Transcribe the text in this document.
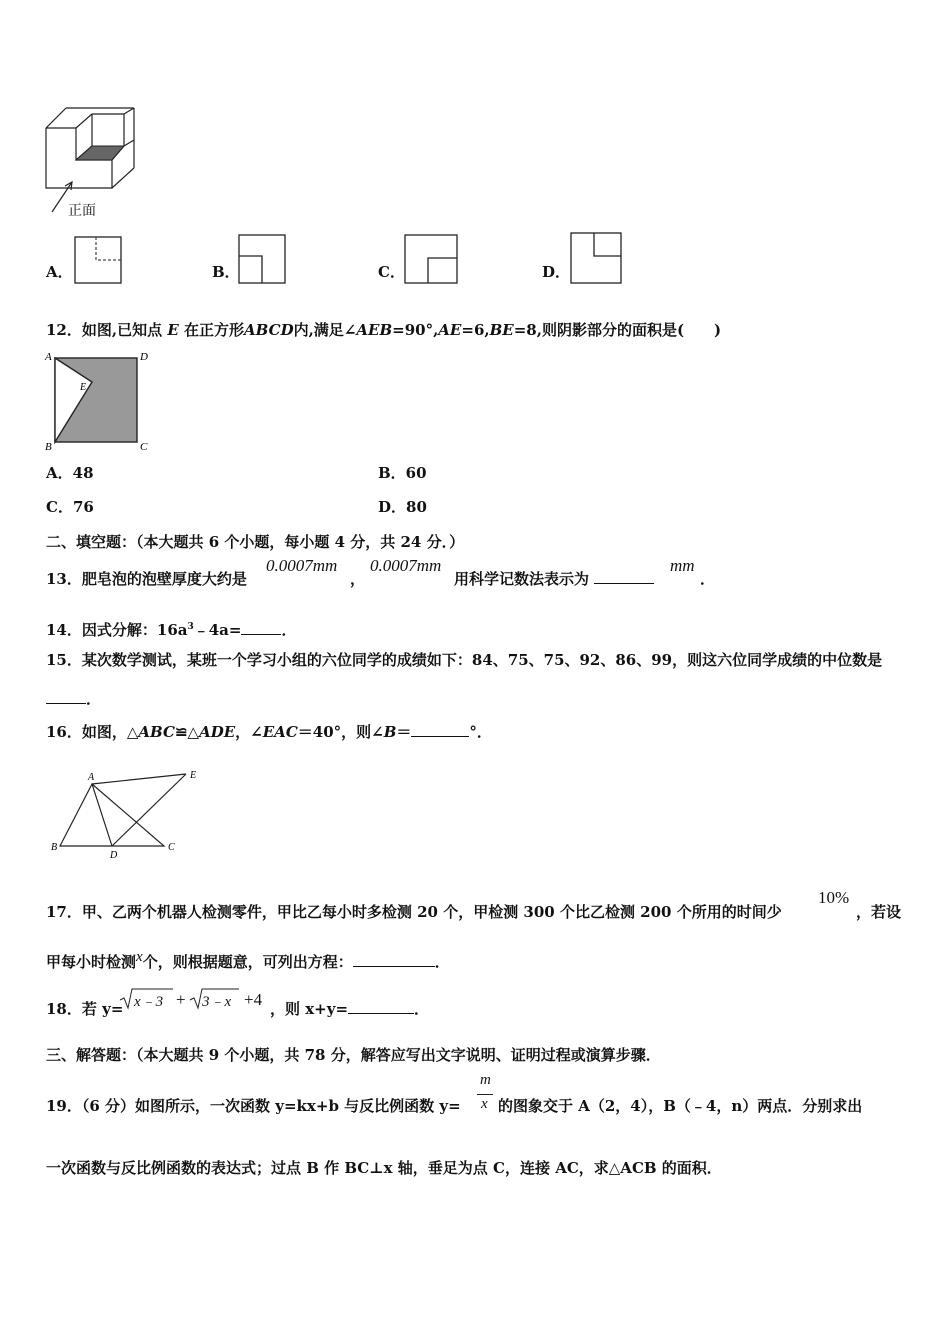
正面
A．	B．	C．	D．
12．如图,已知点 E 在正方形ABCD内,满足∠AEB=90°,AE=6,BE=8,则阴影部分的面积是(　　)
A	D
E
B	C
A．48	B．60
C．76	D．80
二、填空题：（本大题共 6 个小题，每小题 4 分，共 24 分．）
13．肥皂泡的泡壁厚度大约是
0.0007mm
，
0.0007mm
用科学记数法表示为
mm
．
14．因式分解：$16a^3﹣4a=$	．
15．某次数学测试，某班一个学习小组的六位同学的成绩如下：84、75、75、92、86、99，则这六位同学成绩的中位数是
．
16．如图，△ABC≌△ADE，∠EAC＝40°，则∠B＝	°．
A	E
B
D
C
17．甲、乙两个机器人检测零件，甲比乙每小时多检测 20 个，甲检测 300 个比乙检测 200 个所用的时间少
10%
，若设
甲每小时检测x个，则根据题意，可列出方程：	．
18．若 y= x﹣3 + 3﹣x +4 ，则 x+y=	．
三、解答题：（本大题共 9 个小题，共 78 分，解答应写出文字说明、证明过程或演算步骤．
19．（6 分）如图所示，一次函数 y=kx+b 与反比例函数 y=
m
x 的图象交于 A（2，4），B（﹣4，n）两点．分别求出
一次函数与反比例函数的表达式；过点 B 作 BC⊥x 轴，垂足为点 C，连接 AC，求△ACB 的面积．
